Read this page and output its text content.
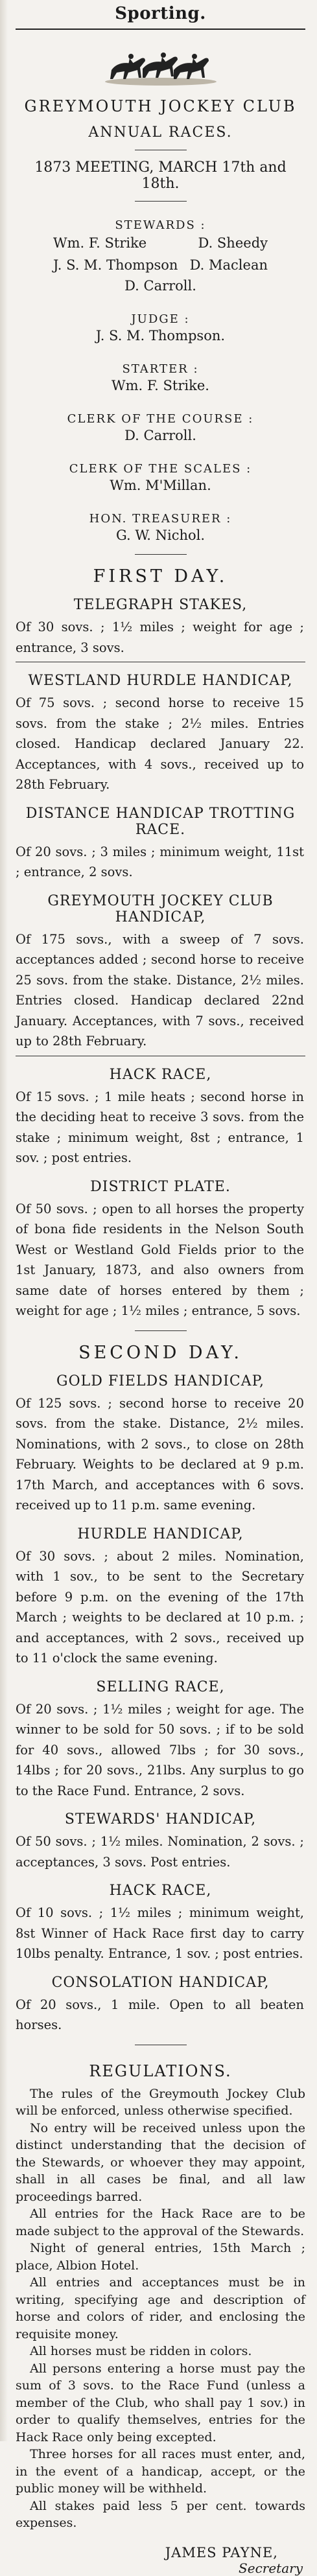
Sporting.
GREYMOUTH JOCKEY CLUB
ANNUAL RACES.
1873 MEETING, MARCH 17th and 18th.
STEWARDS :
Wm. F. Strike	D. Sheedy
J. S. M. Thompson D. Maclean
D. Carroll.
JUDGE :
J. S. M. Thompson.
STARTER :
Wm. F. Strike.
CLERK OF THE COURSE :
D. Carroll.
CLERK OF THE SCALES :
Wm. M'Millan.
HON. TREASURER :
G. W. Nichol.
FIRST DAY.
TELEGRAPH STAKES,
Of 30 sovs. ; 1½ miles ; weight for age ; entrance, 3 sovs.
WESTLAND HURDLE HANDICAP,
Of 75 sovs. ; second horse to receive 15 sovs. from the stake ; 2½ miles. Entries closed. Handicap declared January 22. Acceptances, with 4 sovs., received up to 28th February.
DISTANCE HANDICAP TROTTING RACE.
Of 20 sovs. ; 3 miles ; minimum weight, 11st ; entrance, 2 sovs.
GREYMOUTH JOCKEY CLUB HANDICAP,
Of 175 sovs., with a sweep of 7 sovs. acceptances added ; second horse to receive 25 sovs. from the stake. Distance, 2½ miles. Entries closed. Handicap declared 22nd January. Acceptances, with 7 sovs., received up to 28th February.
HACK RACE,
Of 15 sovs. ; 1 mile heats ; second horse in the deciding heat to receive 3 sovs. from the stake ; minimum weight, 8st ; entrance, 1 sov. ; post entries.
DISTRICT PLATE.
Of 50 sovs. ; open to all horses the property of bona fide residents in the Nelson South West or Westland Gold Fields prior to the 1st January, 1873, and also owners from same date of horses entered by them ; weight for age ; 1½ miles ; entrance, 5 sovs.
SECOND DAY.
GOLD FIELDS HANDICAP,
Of 125 sovs. ; second horse to receive 20 sovs. from the stake. Distance, 2½ miles. Nominations, with 2 sovs., to close on 28th February. Weights to be declared at 9 p.m. 17th March, and acceptances with 6 sovs. received up to 11 p.m. same evening.
HURDLE HANDICAP,
Of 30 sovs. ; about 2 miles. Nomination, with 1 sov., to be sent to the Secretary before 9 p.m. on the evening of the 17th March ; weights to be declared at 10 p.m. ; and acceptances, with 2 sovs., received up to 11 o'clock the same evening.
SELLING RACE,
Of 20 sovs. ; 1½ miles ; weight for age. The winner to be sold for 50 sovs. ; if to be sold for 40 sovs., allowed 7lbs ; for 30 sovs., 14lbs ; for 20 sovs., 21lbs. Any surplus to go to the Race Fund. Entrance, 2 sovs.
STEWARDS' HANDICAP,
Of 50 sovs. ; 1½ miles. Nomination, 2 sovs. ; acceptances, 3 sovs. Post entries.
HACK RACE,
Of 10 sovs. ; 1½ miles ; minimum weight, 8st Winner of Hack Race first day to carry 10lbs penalty. Entrance, 1 sov. ; post entries.
CONSOLATION HANDICAP,
Of 20 sovs., 1 mile. Open to all beaten horses.
REGULATIONS.

The rules of the Greymouth Jockey Club will be enforced, unless otherwise specified.

No entry will be received unless upon the distinct understanding that the decision of the Stewards, or whoever they may appoint, shall in all cases be final, and all law proceedings barred.

All entries for the Hack Race are to be made subject to the approval of the Stewards.

Night of general entries, 15th March ; place, Albion Hotel.

All entries and acceptances must be in writing, specifying age and description of horse and colors of rider, and enclosing the requisite money.

All horses must be ridden in colors.

All persons entering a horse must pay the sum of 3 sovs. to the Race Fund (unless a member of the Club, who shall pay 1 sov.) in order to qualify themselves, entries for the Hack Race only being excepted.

Three horses for all races must enter, and, in the event of a handicap, accept, or the public money will be withheld.

All stakes paid less 5 per cent. towards expenses.

JAMES PAYNE,
Secretary
